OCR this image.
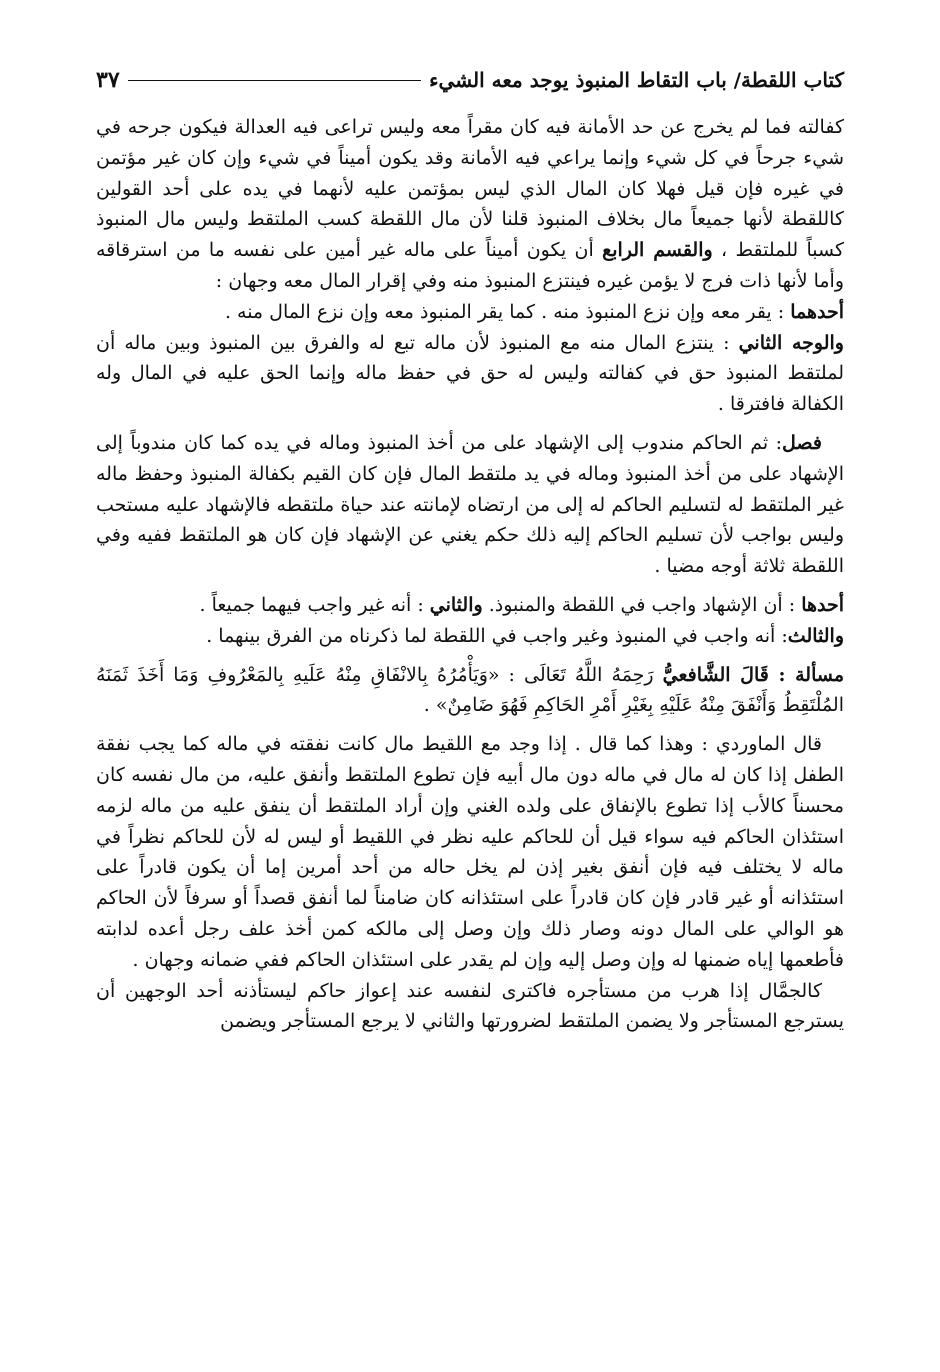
كتاب اللقطة/ باب التقاط المنبوذ يوجد معه الشيء
٣٧

كفالته فما لم يخرج عن حد الأمانة فيه كان مقراً معه وليس تراعى فيه العدالة فيكون جرحه في شيء جرحاً في كل شيء وإنما يراعي فيه الأمانة وقد يكون أميناً في شيء وإن كان غير مؤتمن في غيره فإن قيل فهلا كان المال الذي ليس بمؤتمن عليه لأنهما في يده على أحد القولين كاللقطة لأنها جميعاً مال بخلاف المنبوذ قلنا لأن مال اللقطة كسب الملتقط وليس مال المنبوذ كسباً للملتقط ، والقسم الرابع أن يكون أميناً على ماله غير أمين على نفسه ما من استرقاقه وأما لأنها ذات فرج لا يؤمن غيره فينتزع المنبوذ منه وفي إقرار المال معه وجهان :

أحدهما : يقر معه وإن نزع المنبوذ منه . كما يقر المنبوذ معه وإن نزع المال منه .

والوجه الثاني : ينتزع المال منه مع المنبوذ لأن ماله تبع له والفرق بين المنبوذ وبين ماله أن لملتقط المنبوذ حق في كفالته وليس له حق في حفظ ماله وإنما الحق عليه في المال وله الكفالة فافترقا .

فصل: ثم الحاكم مندوب إلى الإشهاد على من أخذ المنبوذ وماله في يده كما كان مندوباً إلى الإشهاد على من أخذ المنبوذ وماله في يد ملتقط المال فإن كان القيم بكفالة المنبوذ وحفظ ماله غير الملتقط له لتسليم الحاكم له إلى من ارتضاه لإمانته عند حياة ملتقطه فالإشهاد عليه مستحب وليس بواجب لأن تسليم الحاكم إليه ذلك حكم يغني عن الإشهاد فإن كان هو الملتقط ففيه وفي اللقطة ثلاثة أوجه مضيا .

أحدها : أن الإشهاد واجب في اللقطة والمنبوذ. والثاني : أنه غير واجب فيهما جميعاً .

والثالث: أنه واجب في المنبوذ وغير واجب في اللقطة لما ذكرناه من الفرق بينهما .

مسألة : قَالَ الشَّافعيُّ رَحِمَهُ اللَّهُ تَعَالَى : «وَيَأْمُرُهُ بِالانْفَاقِ مِنْهُ عَلَيهِ بِالمَعْرُوفِ وَمَا أَخَذَ ثَمَنَهُ المُلْتَقِطُ وَأَنْفَقَ مِنْهُ عَلَيْهِ بِغَيْرِ أَمْرِ الحَاكِمِ فَهُوَ ضَامِنٌ» .

قال الماوردي : وهذا كما قال . إذا وجد مع اللقيط مال كانت نفقته في ماله كما يجب نفقة الطفل إذا كان له مال في ماله دون مال أبيه فإن تطوع الملتقط وأنفق عليه، من مال نفسه كان محسناً كالأب إذا تطوع بالإنفاق على ولده الغني وإن أراد الملتقط أن ينفق عليه من ماله لزمه استئذان الحاكم فيه سواء قيل أن للحاكم عليه نظر في اللقيط أو ليس له لأن للحاكم نظراً في ماله لا يختلف فيه فإن أنفق بغير إذن لم يخل حاله من أحد أمرين إما أن يكون قادراً على استئذانه أو غير قادر فإن كان قادراً على استئذانه كان ضامناً لما أنفق قصداً أو سرفاً لأن الحاكم هو الوالي على المال دونه وصار ذلك وإن وصل إلى مالكه كمن أخذ علف رجل أعده لدابته فأطعمها إياه ضمنها له وإن وصل إليه وإن لم يقدر على استئذان الحاكم ففي ضمانه وجهان .

كالجمَّال إذا هرب من مستأجره فاكترى لنفسه عند إعواز حاكم ليستأذنه أحد الوجهين أن يسترجع المستأجر ولا يضمن الملتقط لضرورتها والثاني لا يرجع المستأجر ويضمن
